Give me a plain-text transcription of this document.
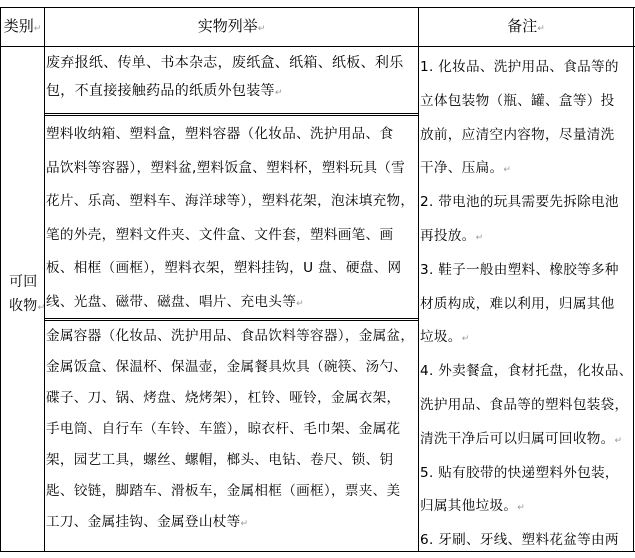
类别 ↵	实物列举 ↵	备注 ↵
可回
收物 ↵
废弃报纸、传单、书本杂志，废纸盒、纸箱、纸板、利乐
包，不直接接触药品的纸质外包装等 ↵
塑料收纳箱、塑料盒，塑料容器（化妆品、洗护用品、食
品饮料等容器），塑料盆,塑料饭盒、塑料杯，塑料玩具（雪
花片、乐高、塑料车、海洋球等），塑料花架，泡沫填充物，
笔的外壳，塑料文件夹、文件盒、文件套，塑料画笔、画
板、相框（画框），塑料衣架，塑料挂钩，U 盘、硬盘、网
线、光盘、磁带、磁盘、唱片、充电头等 ↵
金属容器（化妆品、洗护用品、食品饮料等容器），金属盆，
金属饭盒、保温杯、保温壶，金属餐具炊具（碗筷、汤勺、
碟子、刀、锅、烤盘、烧烤架），杠铃、哑铃，金属衣架，
手电筒、自行车（车铃、车篮），晾衣杆、毛巾架、金属花
架，园艺工具，螺丝、螺帽，榔头、电钻、卷尺、锁、钥
匙、铰链，脚踏车、滑板车，金属相框（画框），票夹、美
工刀、金属挂钩、金属登山杖等 ↵
1. 化妆品、洗护用品、食品等的
立体包装物（瓶、罐、盒等）投
放前，应清空内容物，尽量清洗
干净、压扁。 ↵
2. 带电池的玩具需要先拆除电池
再投放。 ↵
3. 鞋子一般由塑料、橡胶等多种
材质构成，难以利用，归属其他
垃圾。 ↵
4. 外卖餐盒，食材托盘，化妆品、
洗护用品、食品等的塑料包装袋，
清洗干净后可以归属可回收物。 ↵
5. 贴有胶带的快递塑料外包装，
归属其他垃圾。 ↵
6. 牙刷、牙线、塑料花盆等由两
